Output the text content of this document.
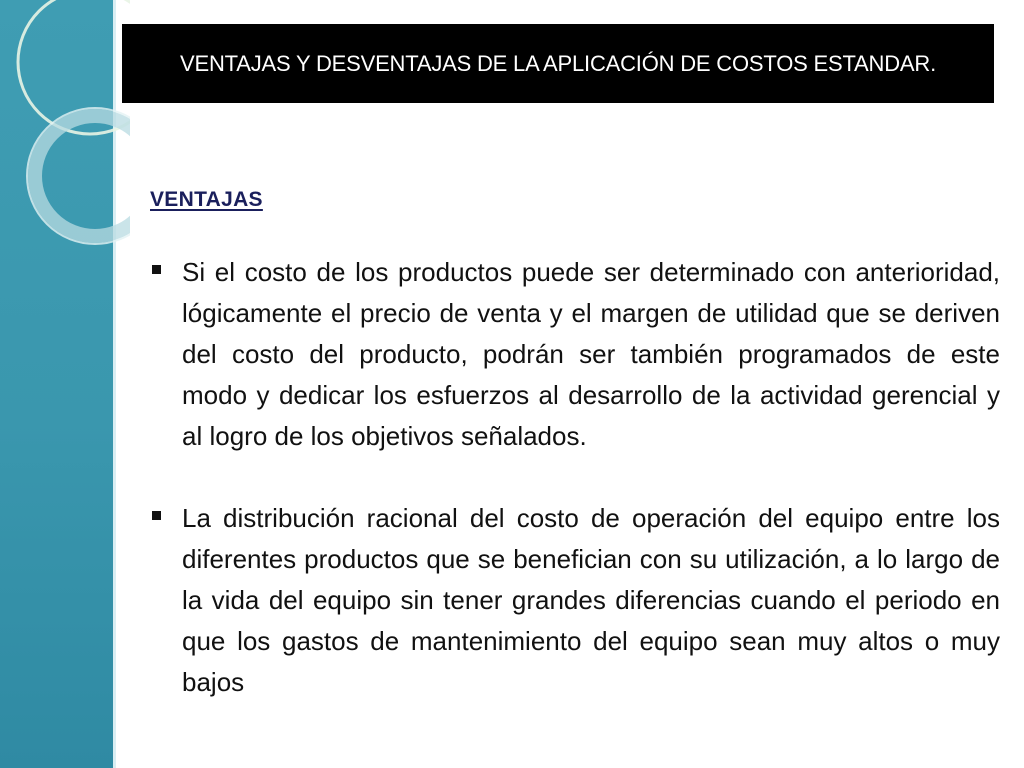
VENTAJAS Y DESVENTAJAS DE LA APLICACIÓN DE COSTOS ESTANDAR.
VENTAJAS
Si el costo de los productos puede ser determinado con anterioridad, lógicamente el precio de venta y el margen de utilidad que se deriven del costo del producto, podrán ser también programados de este modo y dedicar los esfuerzos al desarrollo de la actividad gerencial y al logro de los objetivos señalados.
La distribución racional del costo de operación del equipo entre los diferentes productos que se benefician con su utilización, a lo largo de la vida del equipo sin tener grandes diferencias cuando el periodo en que los gastos de mantenimiento del equipo sean muy altos o muy bajos
